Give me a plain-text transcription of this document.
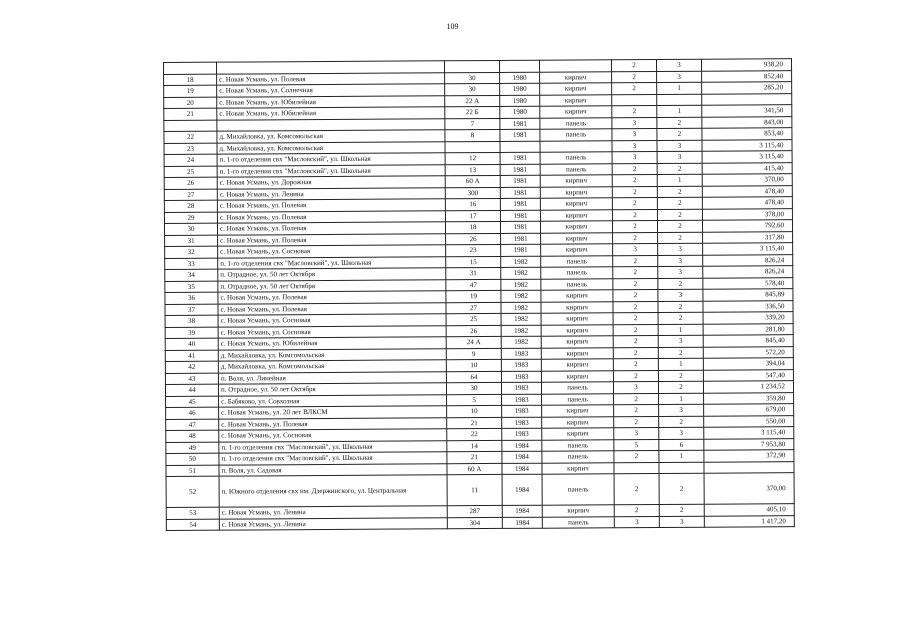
109
					2	3	938,20
18	с. Новая Усмань, ул. Полевая	30	1980	кирпич	2	3	852,40
19	с. Новая Усмань, ул. Солнечная	30	1980	кирпич	2	1	285,20
20	с. Новая Усмань, ул. Юбилейная	22 А	1980	кирпич			
21	с. Новая Усмань, ул. Юбилейная	22 Б	1980	кирпич	2	1	341,50
		7	1981	панель	3	2	843,00
22	д. Михайловка, ул. Комсомольская	8	1981	панель	3	2	853,40
23	д. Михайловка, ул. Комсомольская				3	3	3 115,40
24	п. 1-го отделения свх "Масловский", ул. Школьная	12	1981	панель	3	3	3 115,40
25	п. 1-го отделения свх "Масловский", ул. Школьная	13	1981	панель	2	2	415,40
26	с. Новая Усмань, ул. Дорожная	60 А	1981	кирпич	2	1	370,00
27	с. Новая Усмань, ул. Ленина	300	1981	кирпич	2	2	478,40
28	с. Новая Усмань, ул. Полевая	16	1981	кирпич	2	2	478,40
29	с. Новая Усмань, ул. Полевая	17	1981	кирпич	2	2	378,00
30	с. Новая Усмань, ул. Полевая	18	1981	кирпич	2	2	792,60
31	с. Новая Усмань, ул. Полевая	26	1981	кирпич	2	2	317,80
32	с. Новая Усмань, ул. Сосновая	23	1981	кирпич	3	3	3 115,40
33	п. 1-го отделения свх "Масловский", ул. Школьная	15	1982	панель	2	3	826,24
34	п. Отрадное, ул. 50 лет Октября	31	1982	панель	2	3	826,24
35	п. Отрадное, ул. 50 лет Октября	47	1982	панель	2	2	578,40
36	с. Новая Усмань, ул. Полевая	19	1982	кирпич	2	3	845,89
37	с. Новая Усмань, ул. Полевая	27	1982	кирпич	2	2	336,50
38	с. Новая Усмань, ул. Сосновая	25	1982	кирпич	2	2	339,20
39	с. Новая Усмань, ул. Сосновая	26	1982	кирпич	2	1	281,80
40	с. Новая Усмань, ул. Юбилейная	24 А	1982	кирпич	2	3	845,40
41	д. Михайловка, ул. Комсомольская	9	1983	кирпич	2	2	572,20
42	д. Михайловка, ул. Комсомольская	10	1983	кирпич	2	1	394,04
43	п. Воля, ул. Линейная	64	1983	кирпич	2	2	547,40
44	п. Отрадное, ул. 50 лет Октября	30	1983	панель	3	2	1 234,52
45	с. Бабяково, ул. Совхозная	5	1983	панель	2	1	359,80
46	с. Новая Усмань, ул. 20 лет ВЛКСМ	10	1983	кирпич	2	3	679,00
47	с. Новая Усмань, ул. Полевая	21	1983	кирпич	2	2	550,00
48	с. Новая Усмань, ул. Сосновая	22	1983	кирпич	3	3	3 115,40
49	п. 1-го отделения свх "Масловский", ул. Школьная	14	1984	панель	5	6	7 953,80
50	п. 1-го отделения свх "Масловский", ул. Школьная	21	1984	панель	2	1	372,90
51	п. Воля, ул. Садовая	60 А	1984	кирпич			
52	п. Южного отделения свх им. Дзержинского, ул. Центральная	11	1984	панель	2	2	370,00
53	с. Новая Усмань, ул. Ленина	287	1984	кирпич	2	2	405,10
54	с. Новая Усмань, ул. Ленина	304	1984	панель	3	3	1 417,20
